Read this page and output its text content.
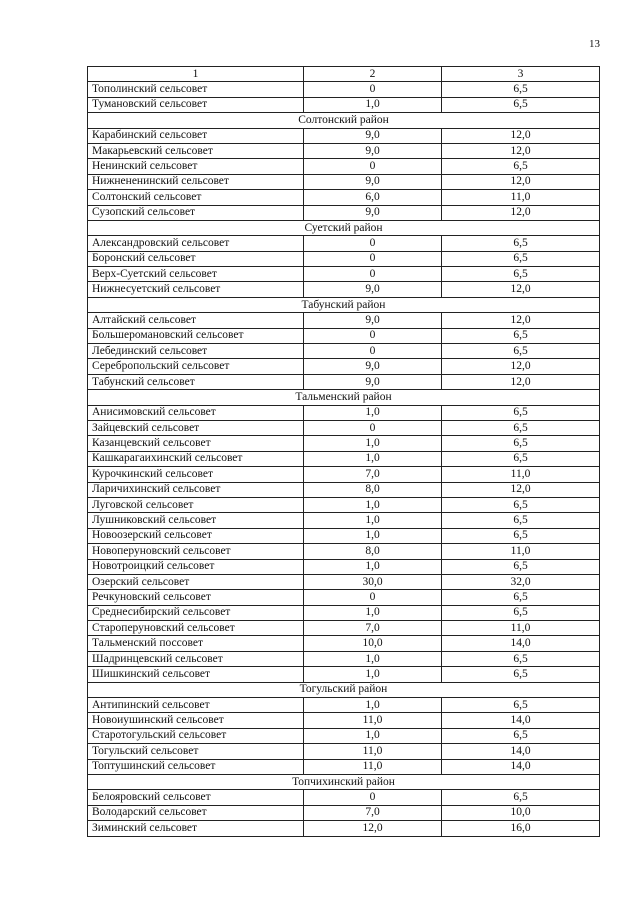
13
1	2	3
Тополинский сельсовет	0	6,5
Тумановский сельсовет	1,0	6,5
Солтонский район		
Карабинский сельсовет	9,0	12,0
Макарьевский сельсовет	9,0	12,0
Ненинский сельсовет	0	6,5
Нижнененинский сельсовет	9,0	12,0
Солтонский сельсовет	6,0	11,0
Сузопский сельсовет	9,0	12,0
Суетский район		
Александровский сельсовет	0	6,5
Боронский сельсовет	0	6,5
Верх-Суетский сельсовет	0	6,5
Нижнесуетский сельсовет	9,0	12,0
Табунский район		
Алтайский сельсовет	9,0	12,0
Большеромановский сельсовет	0	6,5
Лебединский сельсовет	0	6,5
Серебропольский сельсовет	9,0	12,0
Табунский сельсовет	9,0	12,0
Тальменский район		
Анисимовский сельсовет	1,0	6,5
Зайцевский сельсовет	0	6,5
Казанцевский сельсовет	1,0	6,5
Кашкарагаихинский сельсовет	1,0	6,5
Курочкинский сельсовет	7,0	11,0
Ларичихинский сельсовет	8,0	12,0
Луговской сельсовет	1,0	6,5
Лушниковский сельсовет	1,0	6,5
Новоозерский сельсовет	1,0	6,5
Новоперуновский сельсовет	8,0	11,0
Новотроицкий сельсовет	1,0	6,5
Озерский сельсовет	30,0	32,0
Речкуновский сельсовет	0	6,5
Среднесибирский сельсовет	1,0	6,5
Староперуновский сельсовет	7,0	11,0
Тальменский поссовет	10,0	14,0
Шадринцевский сельсовет	1,0	6,5
Шишкинский сельсовет	1,0	6,5
Тогульский район		
Антипинский сельсовет	1,0	6,5
Новоиушинский сельсовет	11,0	14,0
Старотогульский сельсовет	1,0	6,5
Тогульский сельсовет	11,0	14,0
Топтушинский сельсовет	11,0	14,0
Топчихинский район		
Белояровский сельсовет	0	6,5
Володарский сельсовет	7,0	10,0
Зиминский сельсовет	12,0	16,0
